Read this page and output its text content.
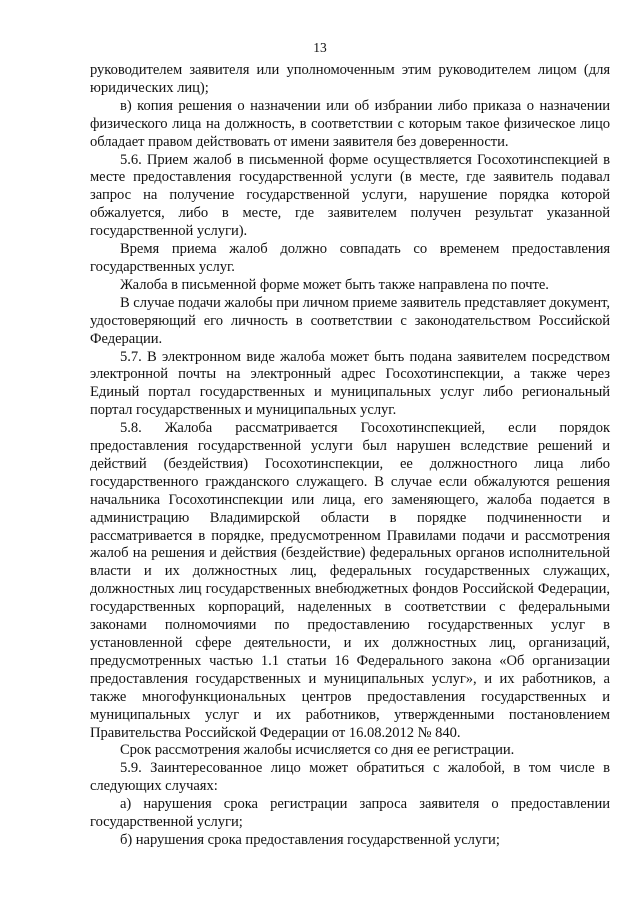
13

руководителем заявителя или уполномоченным этим руководителем лицом (для юридических лиц);

в) копия решения о назначении или об избрании либо приказа о назначении физического лица на должность, в соответствии с которым такое физическое лицо обладает правом действовать от имени заявителя без доверенности.

5.6. Прием жалоб в письменной форме осуществляется Госохотинспекцией в месте предоставления государственной услуги (в месте, где заявитель подавал запрос на получение государственной услуги, нарушение порядка которой обжалуется, либо в месте, где заявителем получен результат указанной государственной услуги).

Время приема жалоб должно совпадать со временем предоставления государственных услуг.

Жалоба в письменной форме может быть также направлена по почте.

В случае подачи жалобы при личном приеме заявитель представляет документ, удостоверяющий его личность в соответствии с законодательством Российской Федерации.

5.7. В электронном виде жалоба может быть подана заявителем посредством электронной почты на электронный адрес Госохотинспекции, а также через Единый портал государственных и муниципальных услуг либо региональный портал государственных и муниципальных услуг.

5.8. Жалоба рассматривается Госохотинспекцией, если порядок предоставления государственной услуги был нарушен вследствие решений и действий (бездействия) Госохотинспекции, ее должностного лица либо государственного гражданского служащего. В случае если обжалуются решения начальника Госохотинспекции или лица, его заменяющего, жалоба подается в администрацию Владимирской области в порядке подчиненности и рассматривается в порядке, предусмотренном Правилами подачи и рассмотрения жалоб на решения и действия (бездействие) федеральных органов исполнительной власти и их должностных лиц, федеральных государственных служащих, должностных лиц государственных внебюджетных фондов Российской Федерации, государственных корпораций, наделенных в соответствии с федеральными законами полномочиями по предоставлению государственных услуг в установленной сфере деятельности, и их должностных лиц, организаций, предусмотренных частью 1.1 статьи 16 Федерального закона «Об организации предоставления государственных и муниципальных услуг», и их работников, а также многофункциональных центров предоставления государственных и муниципальных услуг и их работников, утвержденными постановлением Правительства Российской Федерации от 16.08.2012 № 840.

Срок рассмотрения жалобы исчисляется со дня ее регистрации.

5.9. Заинтересованное лицо может обратиться с жалобой, в том числе в следующих случаях:

а) нарушения срока регистрации запроса заявителя о предоставлении государственной услуги;

б) нарушения срока предоставления государственной услуги;
